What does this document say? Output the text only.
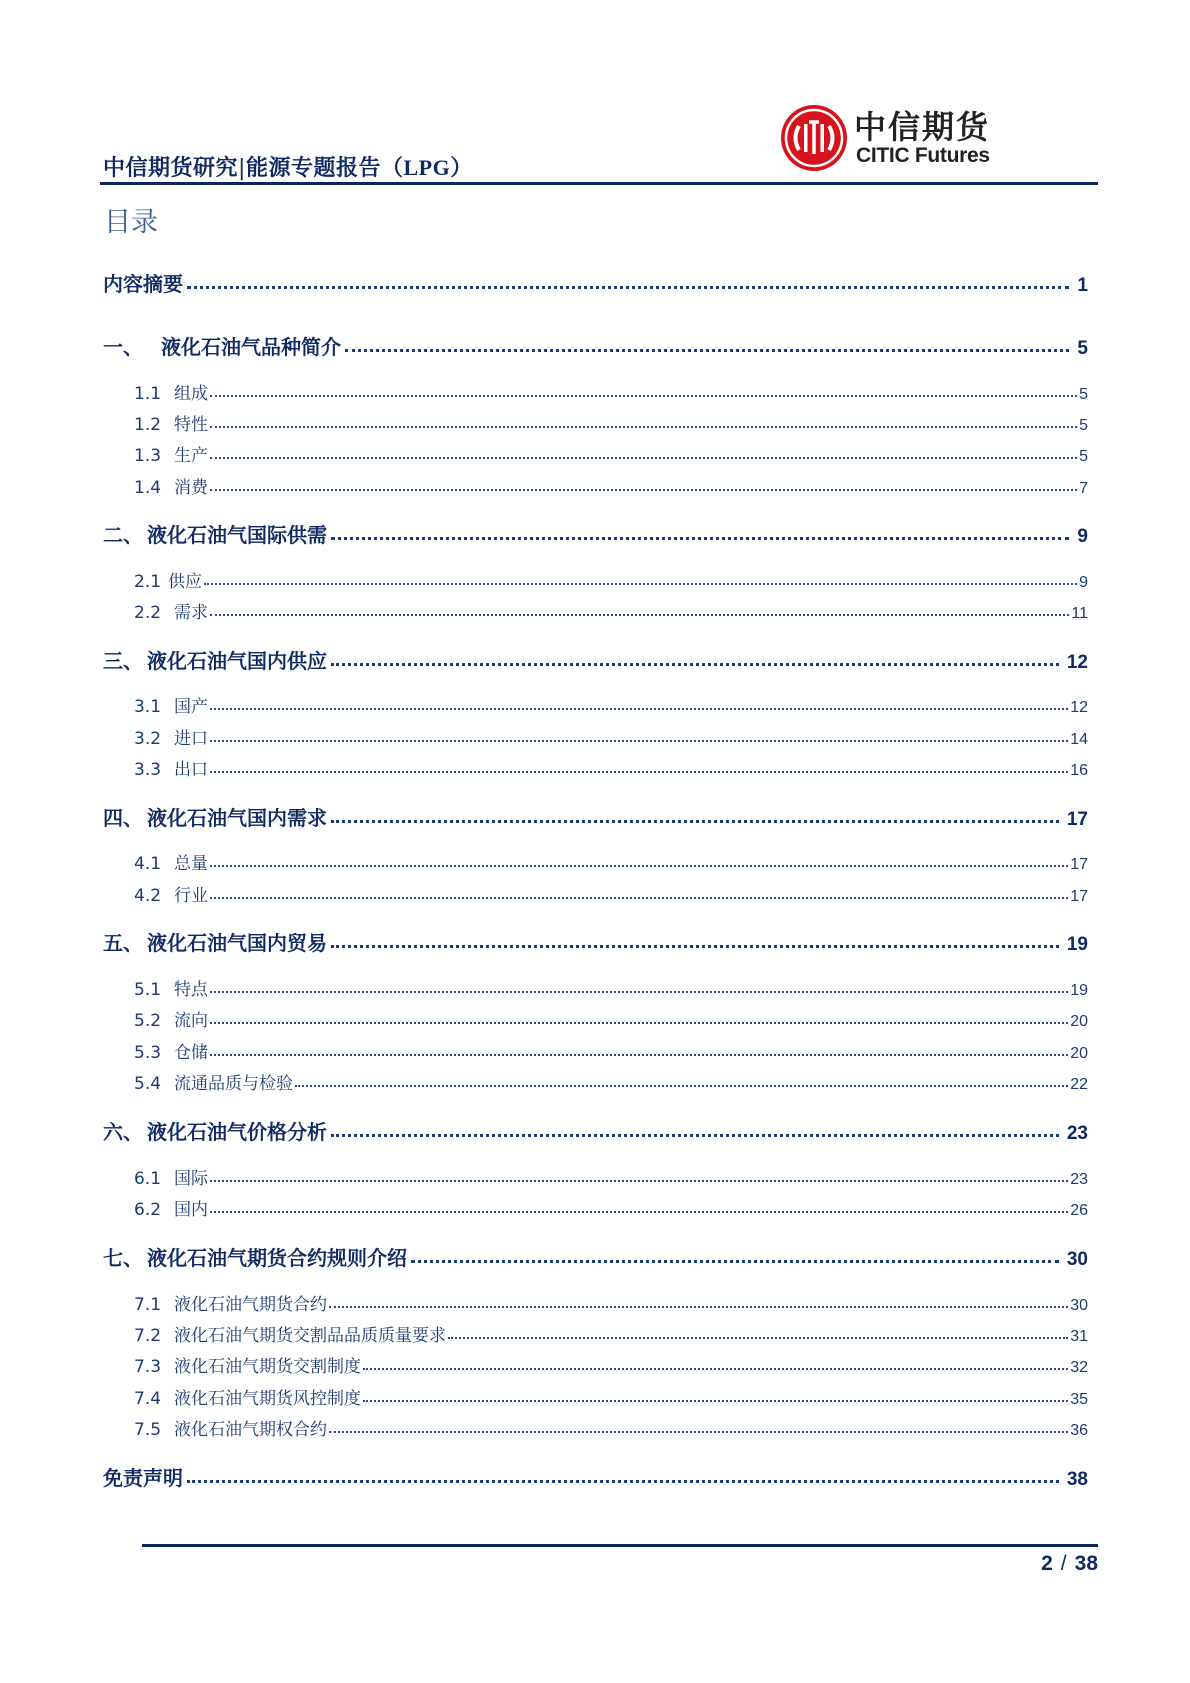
中信期货研究|能源专题报告（LPG）
中信期货
CITIC Futures
目录
内容摘要	1
一、 液化石油气品种简介	5
1.1 组成	5
1.2 特性	5
1.3 生产	5
1.4 消费	7
二、 液化石油气国际供需	9
2.1 供应	9
2.2 需求	11
三、 液化石油气国内供应	12
3.1 国产	12
3.2 进口	14
3.3 出口	16
四、 液化石油气国内需求	17
4.1 总量	17
4.2 行业	17
五、 液化石油气国内贸易	19
5.1 特点	19
5.2 流向	20
5.3 仓储	20
5.4 流通品质与检验	22
六、 液化石油气价格分析	23
6.1 国际	23
6.2 国内	26
七、 液化石油气期货合约规则介绍	30
7.1 液化石油气期货合约	30
7.2 液化石油气期货交割品品质质量要求	31
7.3 液化石油气期货交割制度	32
7.4 液化石油气期货风控制度	35
7.5 液化石油气期权合约	36
免责声明	38
2 / 38
